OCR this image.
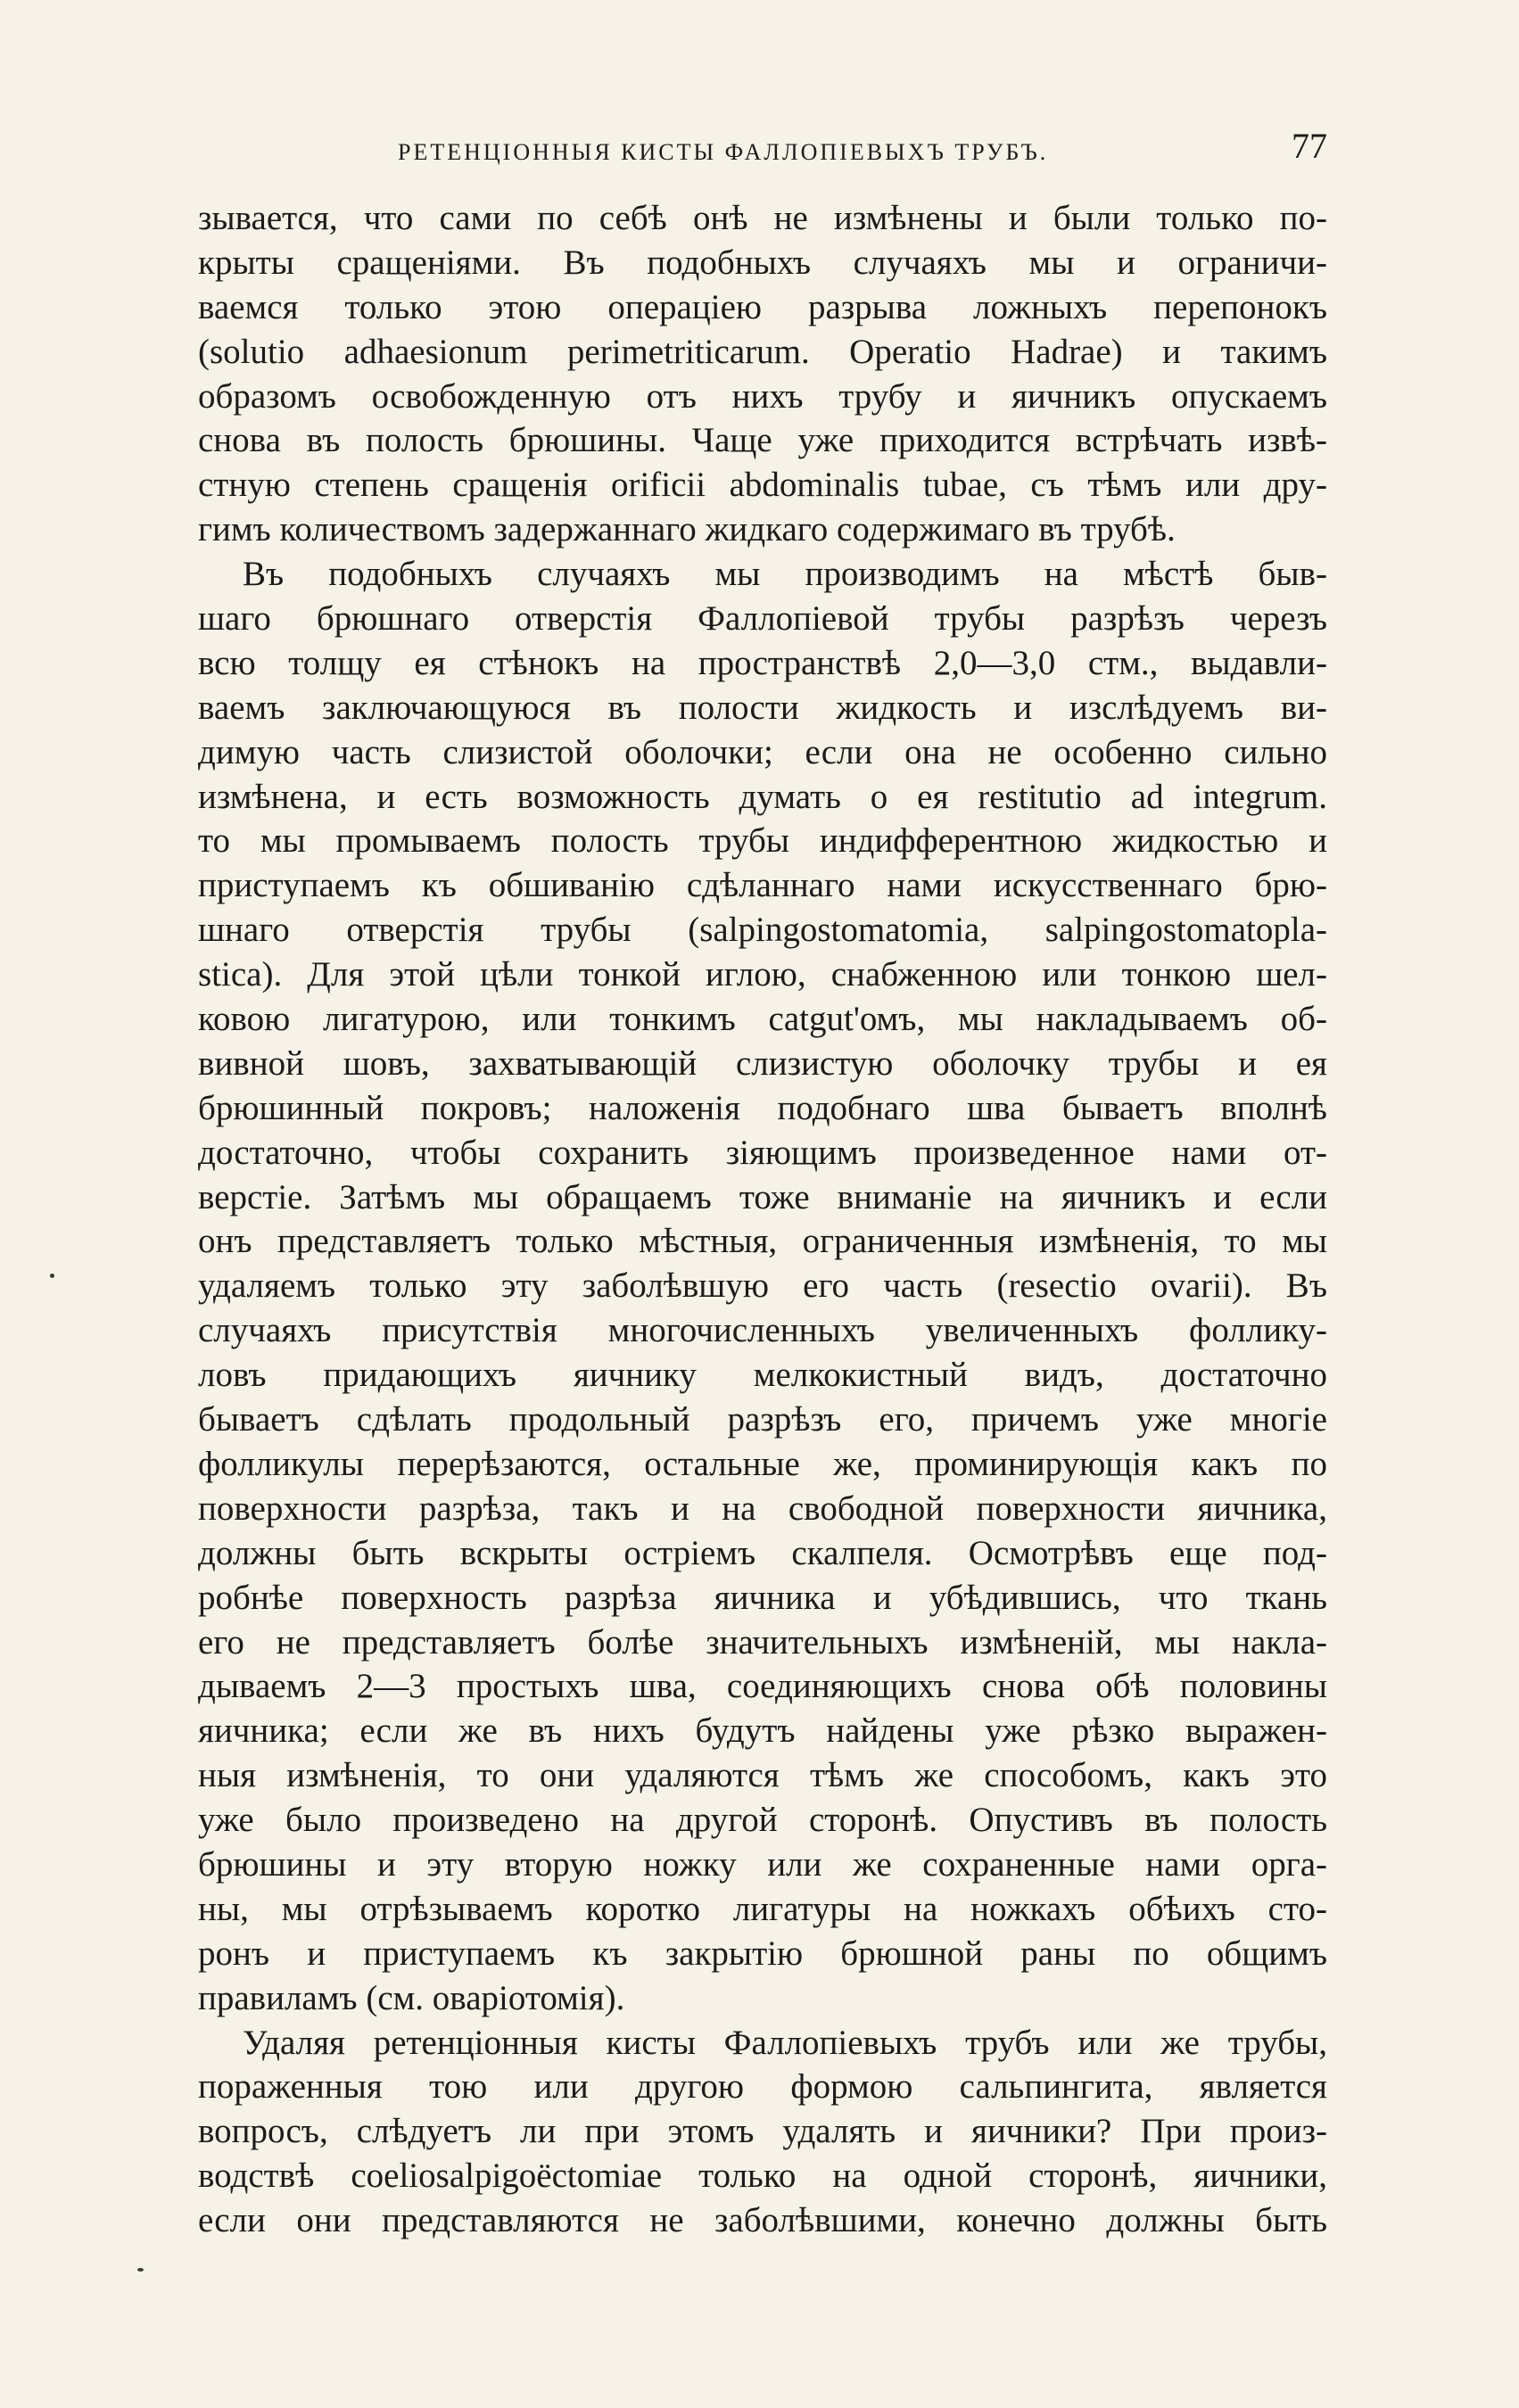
РЕТЕНЦІОННЫЯ КИСТЫ ФАЛЛОПІЕВЫХЪ ТРУБЪ.	77
зывается, что сами по себѣ онѣ не измѣнены и были только по-
крыты сращеніями. Въ подобныхъ случаяхъ мы и ограничи-
ваемся только этою операціею разрыва ложныхъ перепонокъ
(solutio adhaesionum perimetriticarum. Operatio Hadrae) и такимъ
образомъ освобожденную отъ нихъ трубу и яичникъ опускаемъ
снова въ полость брюшины. Чаще уже приходится встрѣчать извѣ-
стную степень сращенія orificii abdominalis tubae, съ тѣмъ или дру-
гимъ количествомъ задержаннаго жидкаго содержимаго въ трубѣ.
Въ подобныхъ случаяхъ мы производимъ на мѣстѣ быв-
шаго брюшнаго отверстія Фаллопіевой трубы разрѣзъ черезъ
всю толщу ея стѣнокъ на пространствѣ 2,0—3,0 стм., выдавли-
ваемъ заключающуюся въ полости жидкость и изслѣдуемъ ви-
димую часть слизистой оболочки; если она не особенно сильно
измѣнена, и есть возможность думать о ея restitutio ad integrum.
то мы промываемъ полость трубы индифферентною жидкостью и
приступаемъ къ обшиванію сдѣланнаго нами искусственнаго брю-
шнаго отверстія трубы (salpingostomatomia, salpingostomatopla-
stica). Для этой цѣли тонкой иглою, снабженною или тонкою шел-
ковою лигатурою, или тонкимъ catgut'омъ, мы накладываемъ об-
вивной шовъ, захватывающій слизистую оболочку трубы и ея
брюшинный покровъ; наложенія подобнаго шва бываетъ вполнѣ
достаточно, чтобы сохранить зіяющимъ произведенное нами от-
верстіе. Затѣмъ мы обращаемъ тоже вниманіе на яичникъ и если
онъ представляетъ только мѣстныя, ограниченныя измѣненія, то мы
удаляемъ только эту заболѣвшую его часть (resectio ovarii). Въ
случаяхъ присутствія многочисленныхъ увеличенныхъ фоллику-
ловъ придающихъ яичнику мелкокистный видъ, достаточно
бываетъ сдѣлать продольный разрѣзъ его, причемъ уже многіе
фолликулы перерѣзаются, остальные же, проминирующія какъ по
поверхности разрѣза, такъ и на свободной поверхности яичника,
должны быть вскрыты остріемъ скалпеля. Осмотрѣвъ еще под-
робнѣе поверхность разрѣза яичника и убѣдившись, что ткань
его не представляетъ болѣе значительныхъ измѣненій, мы накла-
дываемъ 2—3 простыхъ шва, соединяющихъ снова обѣ половины
яичника; если же въ нихъ будутъ найдены уже рѣзко выражен-
ныя измѣненія, то они удаляются тѣмъ же способомъ, какъ это
уже было произведено на другой сторонѣ. Опустивъ въ полость
брюшины и эту вторую ножку или же сохраненные нами орга-
ны, мы отрѣзываемъ коротко лигатуры на ножкахъ обѣихъ сто-
ронъ и приступаемъ къ закрытію брюшной раны по общимъ
правиламъ (см. оваріотомія).
Удаляя ретенціонныя кисты Фаллопіевыхъ трубъ или же трубы,
пораженныя тою или другою формою сальпингита, является
вопросъ, слѣдуетъ ли при этомъ удалять и яичники? При произ-
водствѣ coeliosalpigoёctomiae только на одной сторонѣ, яичники,
если они представляются не заболѣвшими, конечно должны быть
